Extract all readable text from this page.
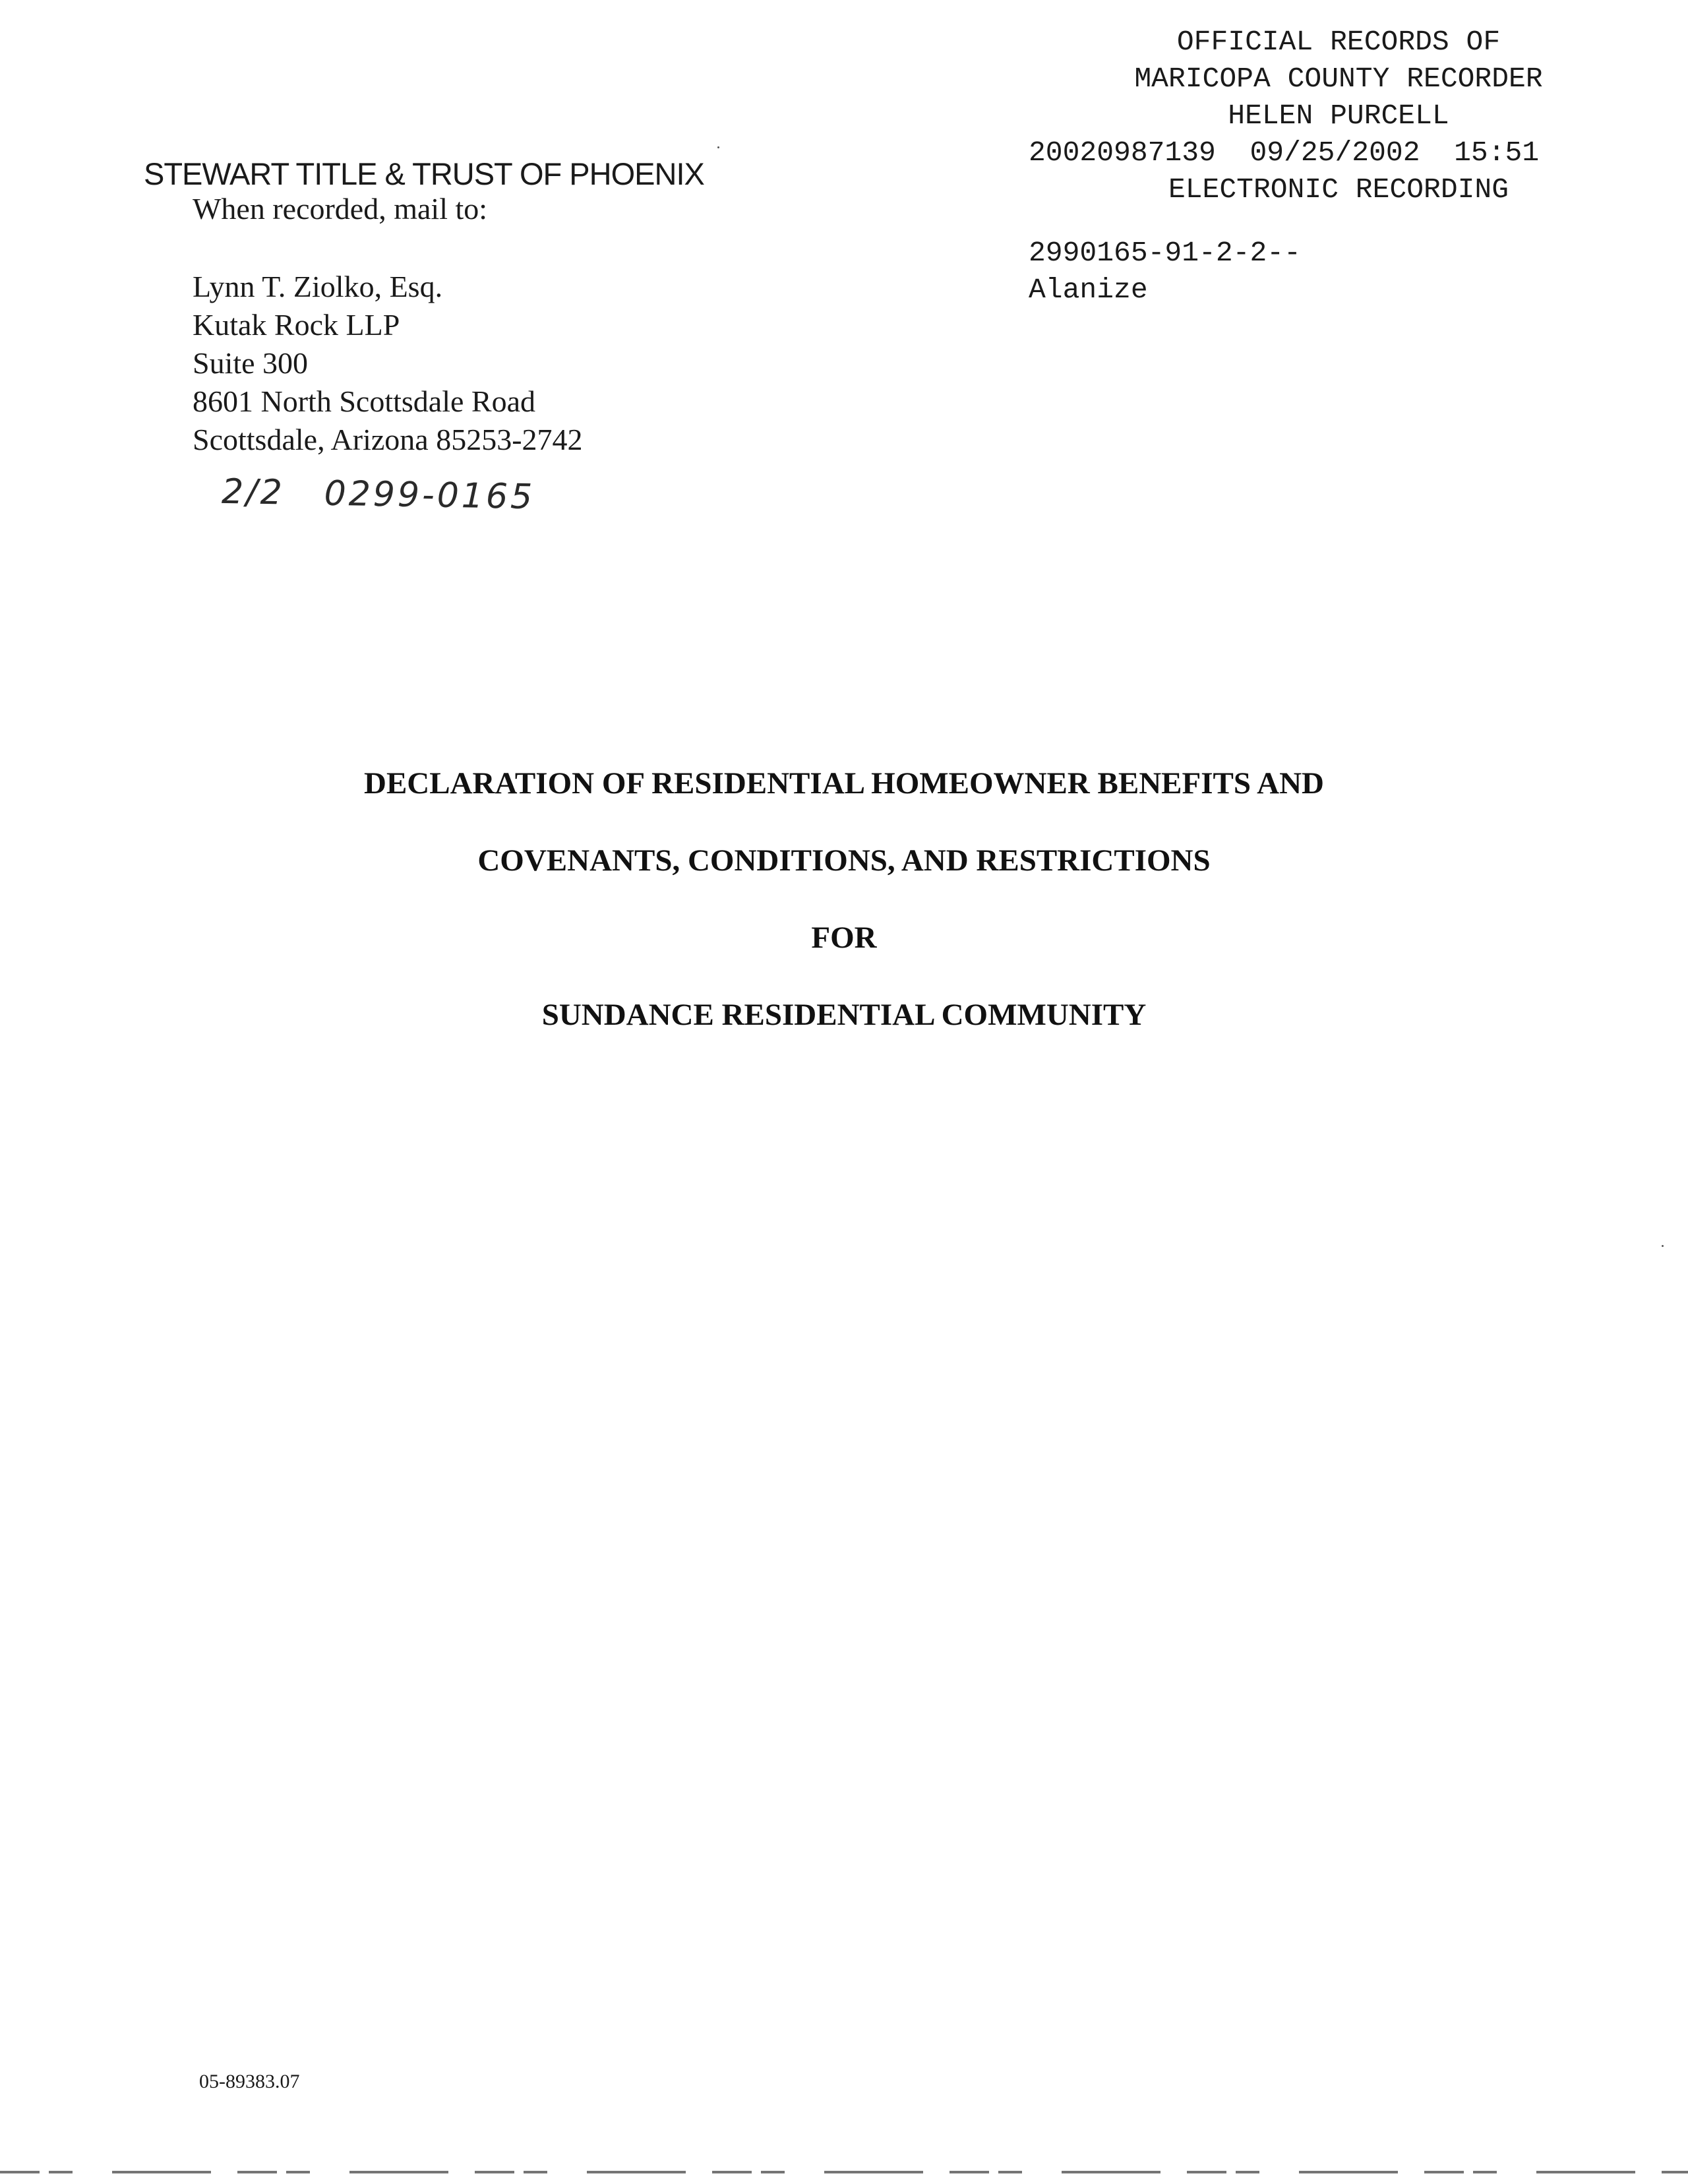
OFFICIAL RECORDS OF
MARICOPA COUNTY RECORDER
HELEN PURCELL
20020987139 09/25/2002 15:51
ELECTRONIC RECORDING
2990165-91-2-2--
Alanize
STEWART TITLE & TRUST OF PHOENIX
When recorded, mail to:
Lynn T. Ziolko, Esq.
Kutak Rock LLP
Suite 300
8601 North Scottsdale Road
Scottsdale, Arizona 85253-2742
2/2 0299-0165
DECLARATION OF RESIDENTIAL HOMEOWNER BENEFITS AND
COVENANTS, CONDITIONS, AND RESTRICTIONS
FOR
SUNDANCE RESIDENTIAL COMMUNITY
05-89383.07
